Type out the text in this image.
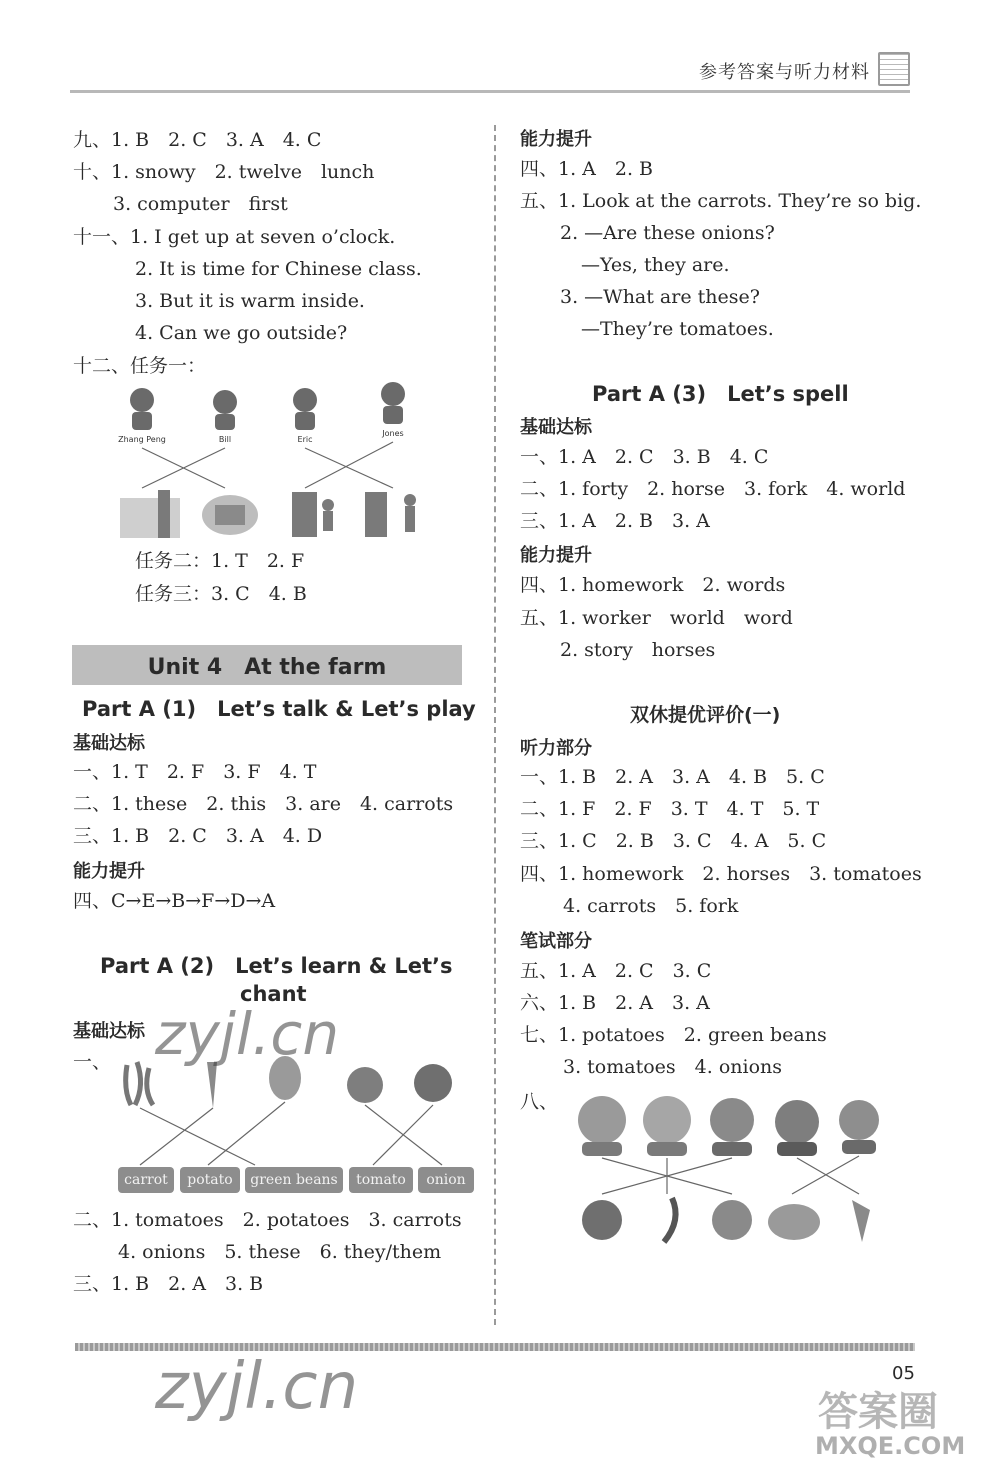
参考答案与听力材料
九、1. B　2. C　3. A　4. C
十、1. snowy　2. twelve　lunch
3. computer　first
十一、1. I get up at seven o’clock.
2. It is time for Chinese class.
3. But it is warm inside.
4. Can we go outside?
十二、任务一：
Zhang Peng	Bill	Eric
Jones
任务二：1. T　2. F
任务三：3. C　4. B
Unit 4　At the farm
Part A (1)　Let’s talk & Let’s play
基础达标
一、1. T　2. F　3. F　4. T
二、1. these　2. this　3. are　4. carrots
三、1. B　2. C　3. A　4. D
能力提升
四、C→E→B→F→D→A
Part A (2)　Let’s learn & Let’s
chant
基础达标
一、
carrot	potato	green beans	tomato	onion
二、1. tomatoes　2. potatoes　3. carrots
4. onions　5. these　6. they/them
三、1. B　2. A　3. B
能力提升
四、1. A　2. B
五、1. Look at the carrots. They’re so big.
2. —Are these onions?
—Yes, they are.
3. —What are these?
—They’re tomatoes.
Part A (3)　Let’s spell
基础达标
一、1. A　2. C　3. B　4. C
二、1. forty　2. horse　3. fork　4. world
三、1. A　2. B　3. A
能力提升
四、1. homework　2. words
五、1. worker　world　word
2. story　horses
双休提优评价(一)
听力部分
一、1. B　2. A　3. A　4. B　5. C
二、1. F　2. F　3. T　4. T　5. T
三、1. C　2. B　3. C　4. A　5. C
四、1. homework　2. horses　3. tomatoes
4. carrots　5. fork
笔试部分
五、1. A　2. C　3. C
六、1. B　2. A　3. A
七、1. potatoes　2. green beans
3. tomatoes　4. onions
八、
05
zyjl.cn
zyjl.cn	答案圈
MXQE.COM
